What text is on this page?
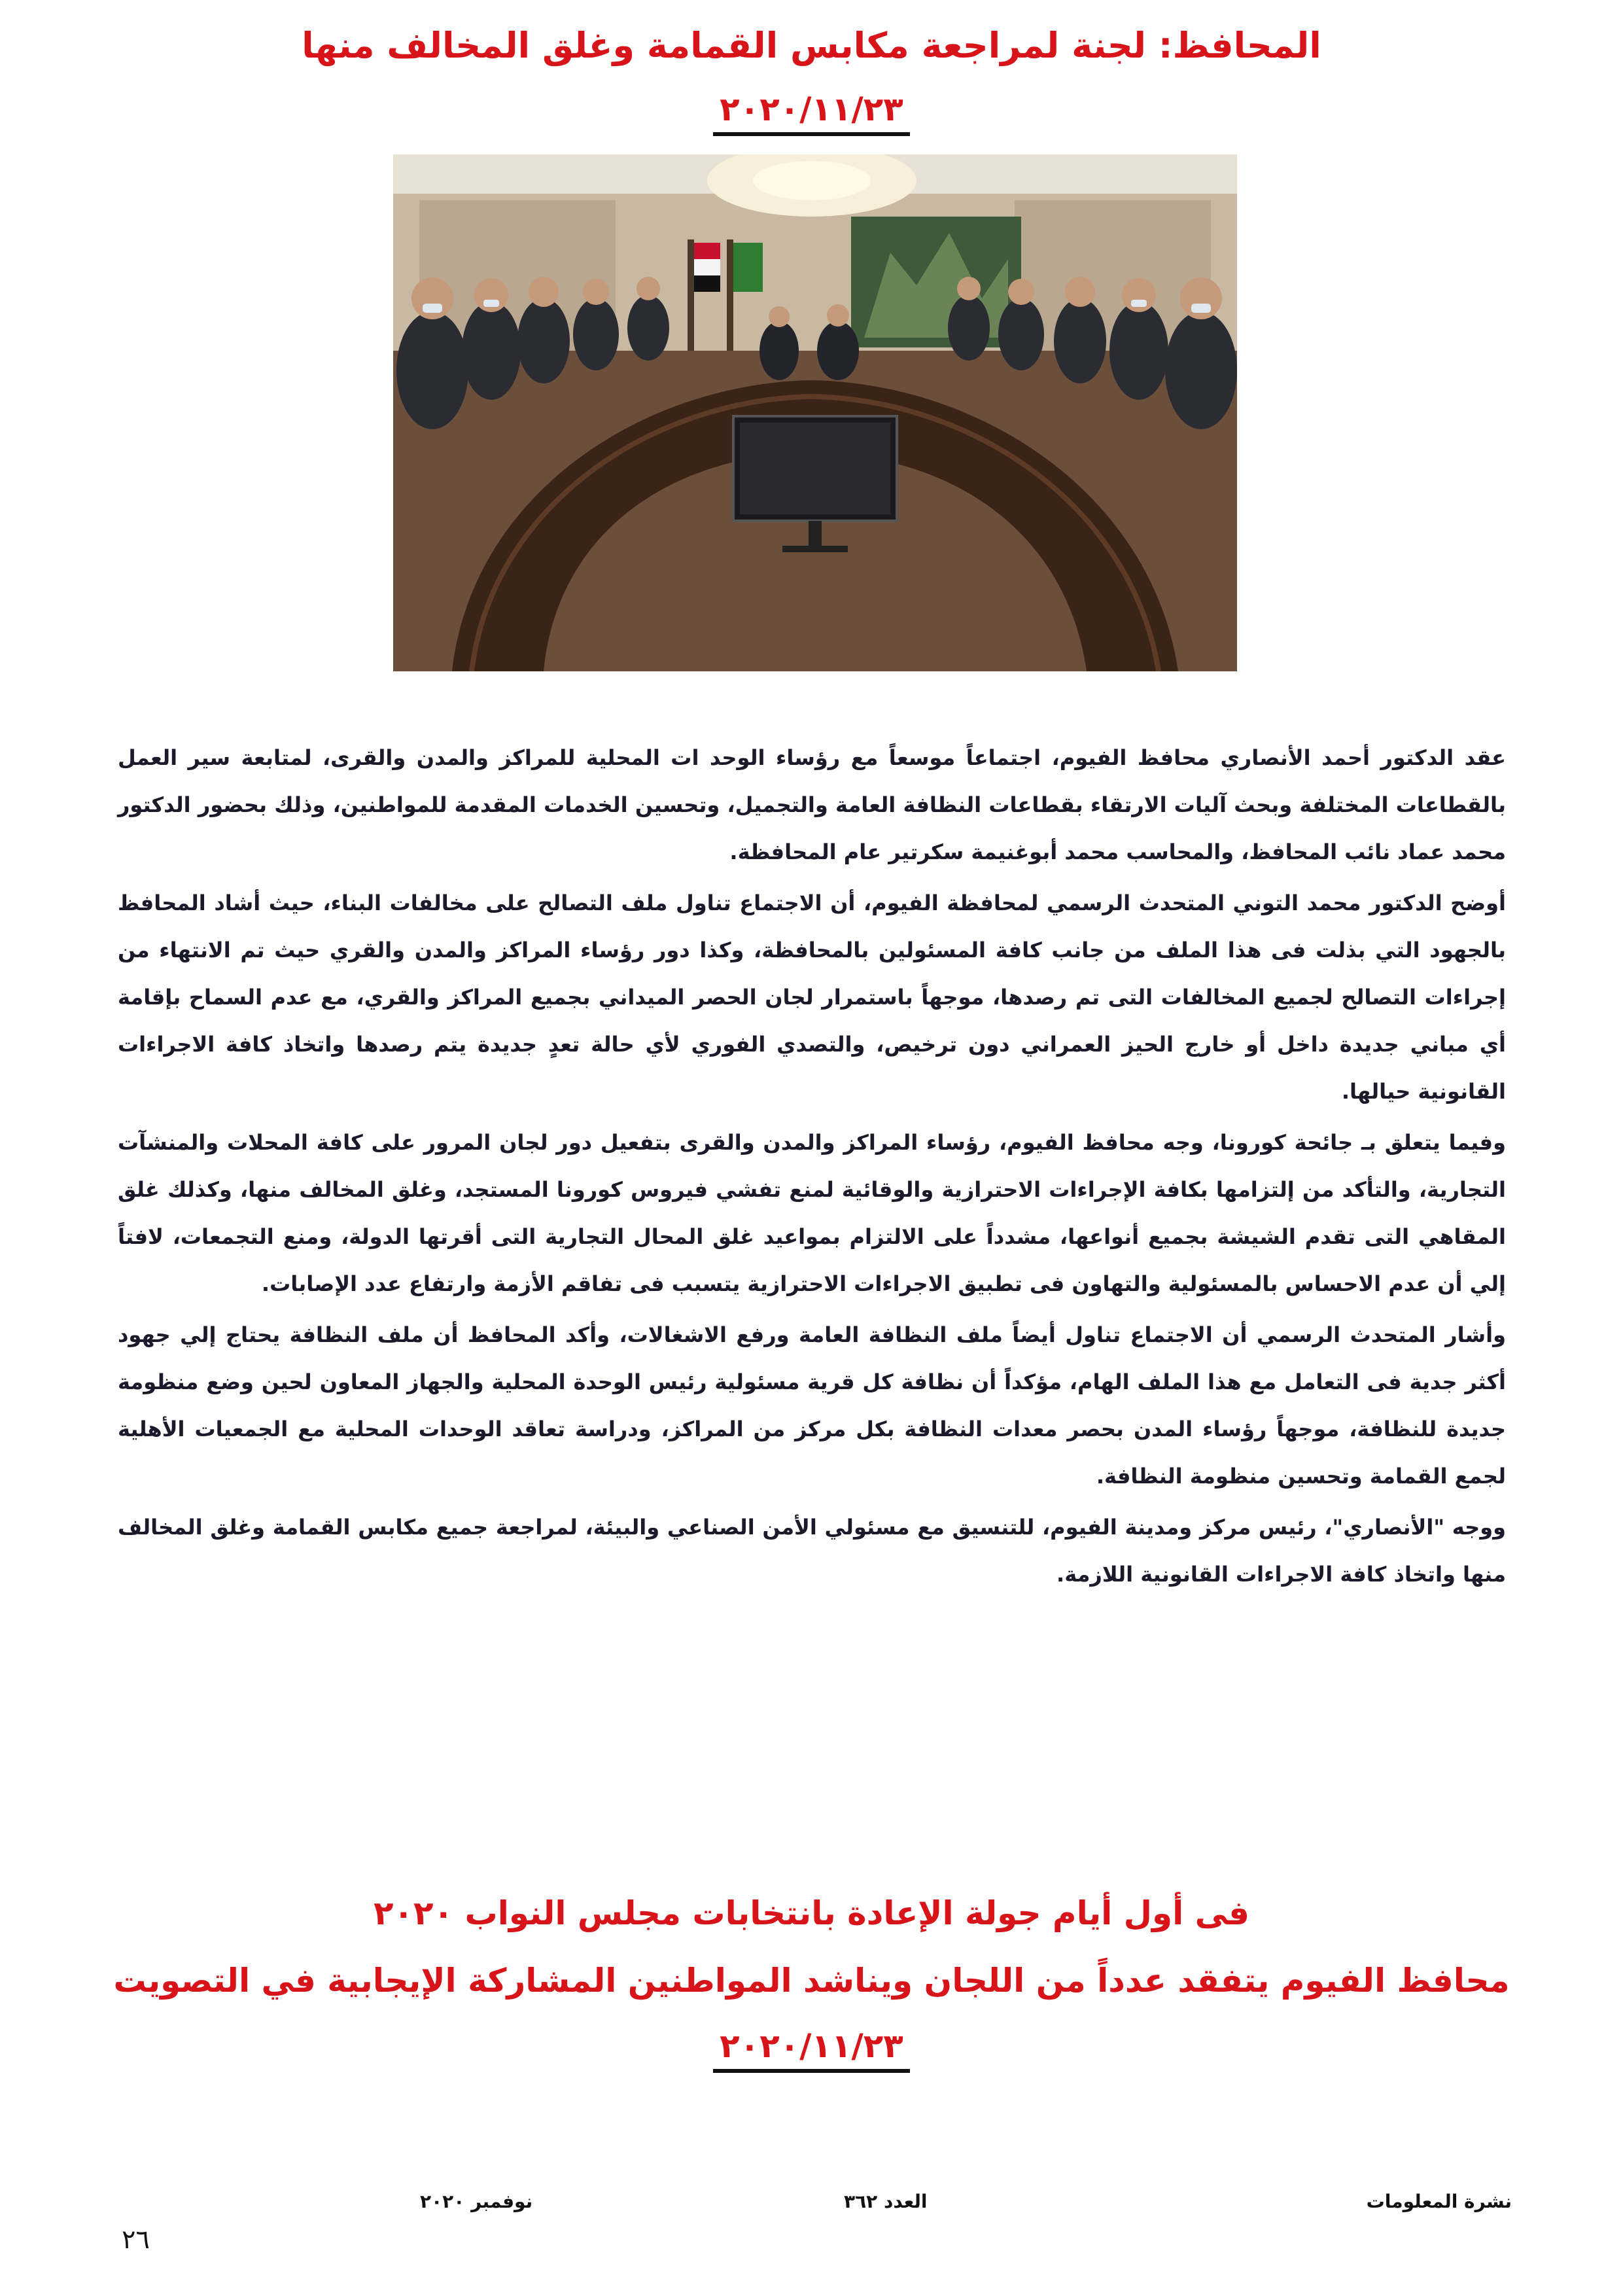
المحافظ: لجنة لمراجعة مكابس القمامة وغلق المخالف منها
٢٠٢٠/١١/٢٣

عقد الدكتور أحمد الأنصاري محافظ الفيوم، اجتماعاً موسعاً مع رؤساء الوحد ات المحلية للمراكز والمدن والقرى، لمتابعة سير العمل بالقطاعات المختلفة وبحث آليات الارتقاء بقطاعات النظافة العامة والتجميل، وتحسين الخدمات المقدمة للمواطنين، وذلك بحضور الدكتور محمد عماد نائب المحافظ، والمحاسب محمد أبوغنيمة سكرتير عام المحافظة.

أوضح الدكتور محمد التوني المتحدث الرسمي لمحافظة الفيوم، أن الاجتماع تناول ملف التصالح على مخالفات البناء، حيث أشاد المحافظ بالجهود التي بذلت فى هذا الملف من جانب كافة المسئولين بالمحافظة، وكذا دور رؤساء المراكز والمدن والقري حيث تم الانتهاء من إجراءات التصالح لجميع المخالفات التى تم رصدها، موجهاً باستمرار لجان الحصر الميداني بجميع المراكز والقري، مع عدم السماح بإقامة أي مباني جديدة داخل أو خارج الحيز العمراني دون ترخيص، والتصدي الفوري لأي حالة تعدٍ جديدة يتم رصدها واتخاذ كافة الاجراءات القانونية حيالها.

وفيما يتعلق بـ جائحة كورونا، وجه محافظ الفيوم، رؤساء المراكز والمدن والقرى بتفعيل دور لجان المرور على كافة المحلات والمنشآت التجارية، والتأكد من إلتزامها بكافة الإجراءات الاحترازية والوقائية لمنع تفشي فيروس كورونا المستجد، وغلق المخالف منها، وكذلك غلق المقاهي التى تقدم الشيشة بجميع أنواعها، مشدداً على الالتزام بمواعيد غلق المحال التجارية التى أقرتها الدولة، ومنع التجمعات، لافتاً إلي أن عدم الاحساس بالمسئولية والتهاون فى تطبيق الاجراءات الاحترازية يتسبب فى تفاقم الأزمة وارتفاع عدد الإصابات.

وأشار المتحدث الرسمي أن الاجتماع تناول أيضاً ملف النظافة العامة ورفع الاشغالات، وأكد المحافظ أن ملف النظافة يحتاج إلي جهود أكثر جدية فى التعامل مع هذا الملف الهام، مؤكداً أن نظافة كل قرية مسئولية رئيس الوحدة المحلية والجهاز المعاون لحين وضع منظومة جديدة للنظافة، موجهاً رؤساء المدن بحصر معدات النظافة بكل مركز من المراكز، ودراسة تعاقد الوحدات المحلية مع الجمعيات الأهلية لجمع القمامة وتحسين منظومة النظافة.

ووجه "الأنصاري"، رئيس مركز ومدينة الفيوم، للتنسيق مع مسئولي الأمن الصناعي والبيئة، لمراجعة جميع مكابس القمامة وغلق المخالف منها واتخاذ كافة الاجراءات القانونية اللازمة.

فى أول أيام جولة الإعادة بانتخابات مجلس النواب ٢٠٢٠
محافظ الفيوم يتفقد عدداً من اللجان ويناشد المواطنين المشاركة الإيجابية في التصويت
٢٠٢٠/١١/٢٣
نشرة المعلومات
العدد ٣٦٢
نوفمبر ٢٠٢٠
٢٦
